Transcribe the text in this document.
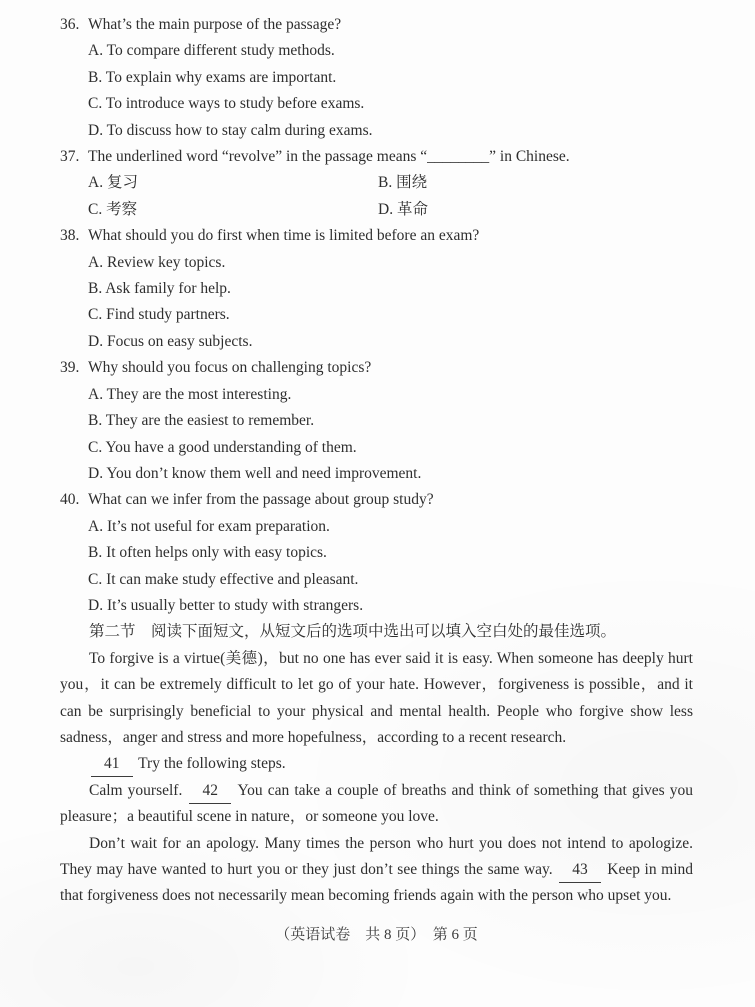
36. What’s the main purpose of the passage?
A. To compare different study methods.
B. To explain why exams are important.
C. To introduce ways to study before exams.
D. To discuss how to stay calm during exams.
37. The underlined word “revolve” in the passage means “________” in Chinese.
A. 复习	B. 围绕
C. 考察	D. 革命
38. What should you do first when time is limited before an exam?
A. Review key topics.
B. Ask family for help.
C. Find study partners.
D. Focus on easy subjects.
39. Why should you focus on challenging topics?
A. They are the most interesting.
B. They are the easiest to remember.
C. You have a good understanding of them.
D. You don’t know them well and need improvement.
40. What can we infer from the passage about group study?
A. It’s not useful for exam preparation.
B. It often helps only with easy topics.
C. It can make study effective and pleasant.
D. It’s usually better to study with strangers.

第二节　阅读下面短文，从短文后的选项中选出可以填入空白处的最佳选项。

To forgive is a virtue(美德)，but no one has ever said it is easy. When someone has deeply hurt you，it can be extremely difficult to let go of your hate. However，forgiveness is possible，and it can be surprisingly beneficial to your physical and mental health. People who forgive show less sadness，anger and stress and more hopefulness，according to a recent research.

41 Try the following steps.

Calm yourself. 42 You can take a couple of breaths and think of something that gives you pleasure；a beautiful scene in nature，or someone you love.

Don’t wait for an apology. Many times the person who hurt you does not intend to apologize. They may have wanted to hurt you or they just don’t see things the same way. 43 Keep in mind that forgiveness does not necessarily mean becoming friends again with the person who upset you.

（英语试卷　共 8 页）　第 6 页
